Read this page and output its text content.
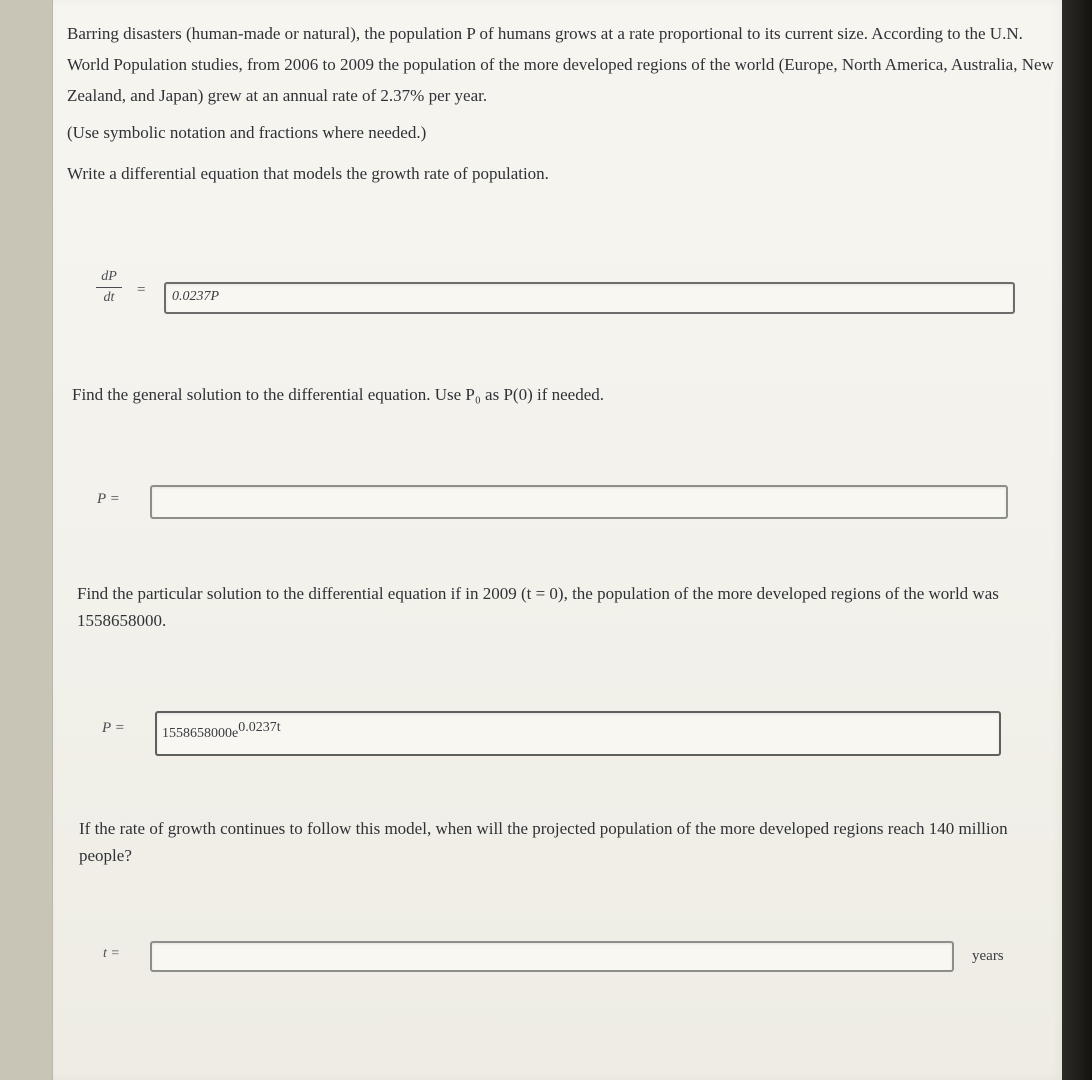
Barring disasters (human-made or natural), the population P of humans grows at a rate proportional to its current size. According to the U.N. World Population studies, from 2006 to 2009 the population of the more developed regions of the world (Europe, North America, Australia, New Zealand, and Japan) grew at an annual rate of 2.37% per year.
(Use symbolic notation and fractions where needed.)
Write a differential equation that models the growth rate of population.
dP
dt	= 0.0237P
Find the general solution to the differential equation. Use P₀ as P(0) if needed.
P =
Find the particular solution to the differential equation if in 2009 (t = 0), the population of the more developed regions of the world was 1558658000.
P =	$1558658000e^{0.0237t}$
If the rate of growth continues to follow this model, when will the projected population of the more developed regions reach 140 million people?
t =	years
